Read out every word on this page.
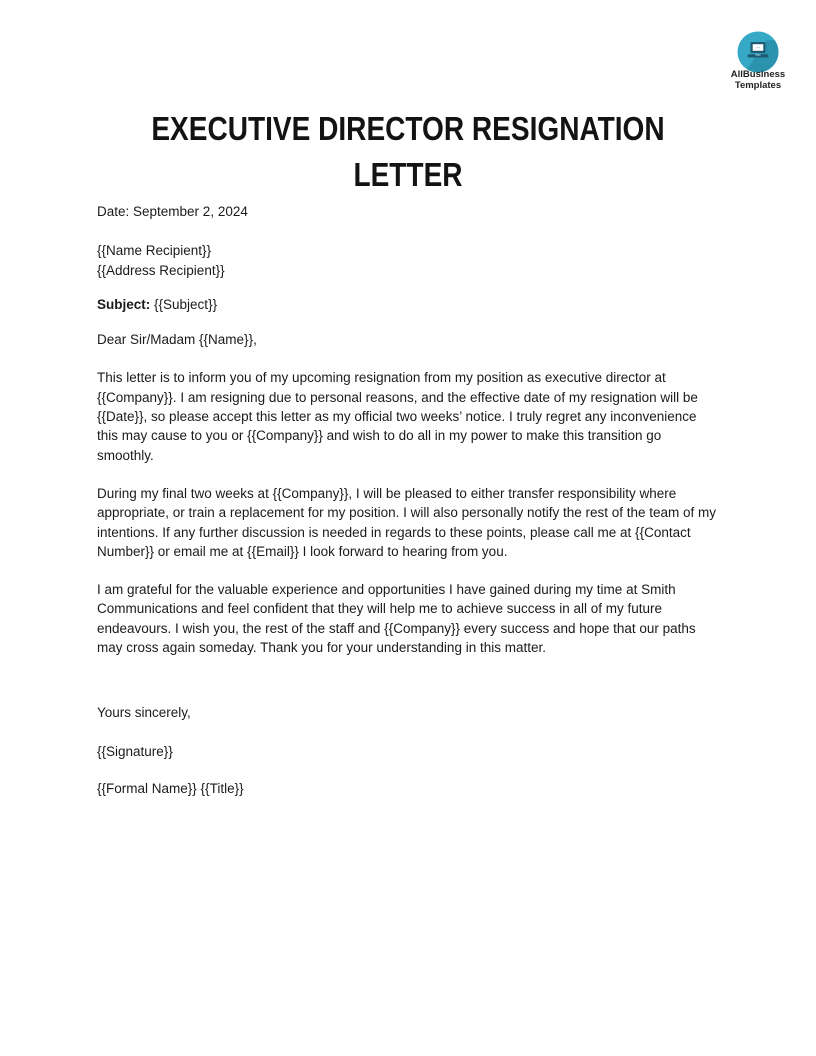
AllBusiness
Templates
EXECUTIVE DIRECTOR RESIGNATION
LETTER

Date: September 2, 2024

{{Name Recipient}}
{{Address Recipient}}

Subject: {{Subject}}

Dear Sir/Madam {{Name}},

This letter is to inform you of my upcoming resignation from my position as executive director at {{Company}}. I am resigning due to personal reasons, and the effective date of my resignation will be {{Date}}, so please accept this letter as my official two weeks’ notice. I truly regret any inconvenience this may cause to you or {{Company}} and wish to do all in my power to make this transition go smoothly.

During my final two weeks at {{Company}}, I will be pleased to either transfer responsibility where appropriate, or train a replacement for my position. I will also personally notify the rest of the team of my intentions. If any further discussion is needed in regards to these points, please call me at {{Contact Number}} or email me at {{Email}} I look forward to hearing from you.

I am grateful for the valuable experience and opportunities I have gained during my time at Smith Communications and feel confident that they will help me to achieve success in all of my future endeavours. I wish you, the rest of the staff and {{Company}} every success and hope that our paths may cross again someday. Thank you for your understanding in this matter.

Yours sincerely,

{{Signature}}

{{Formal Name}} {{Title}}
